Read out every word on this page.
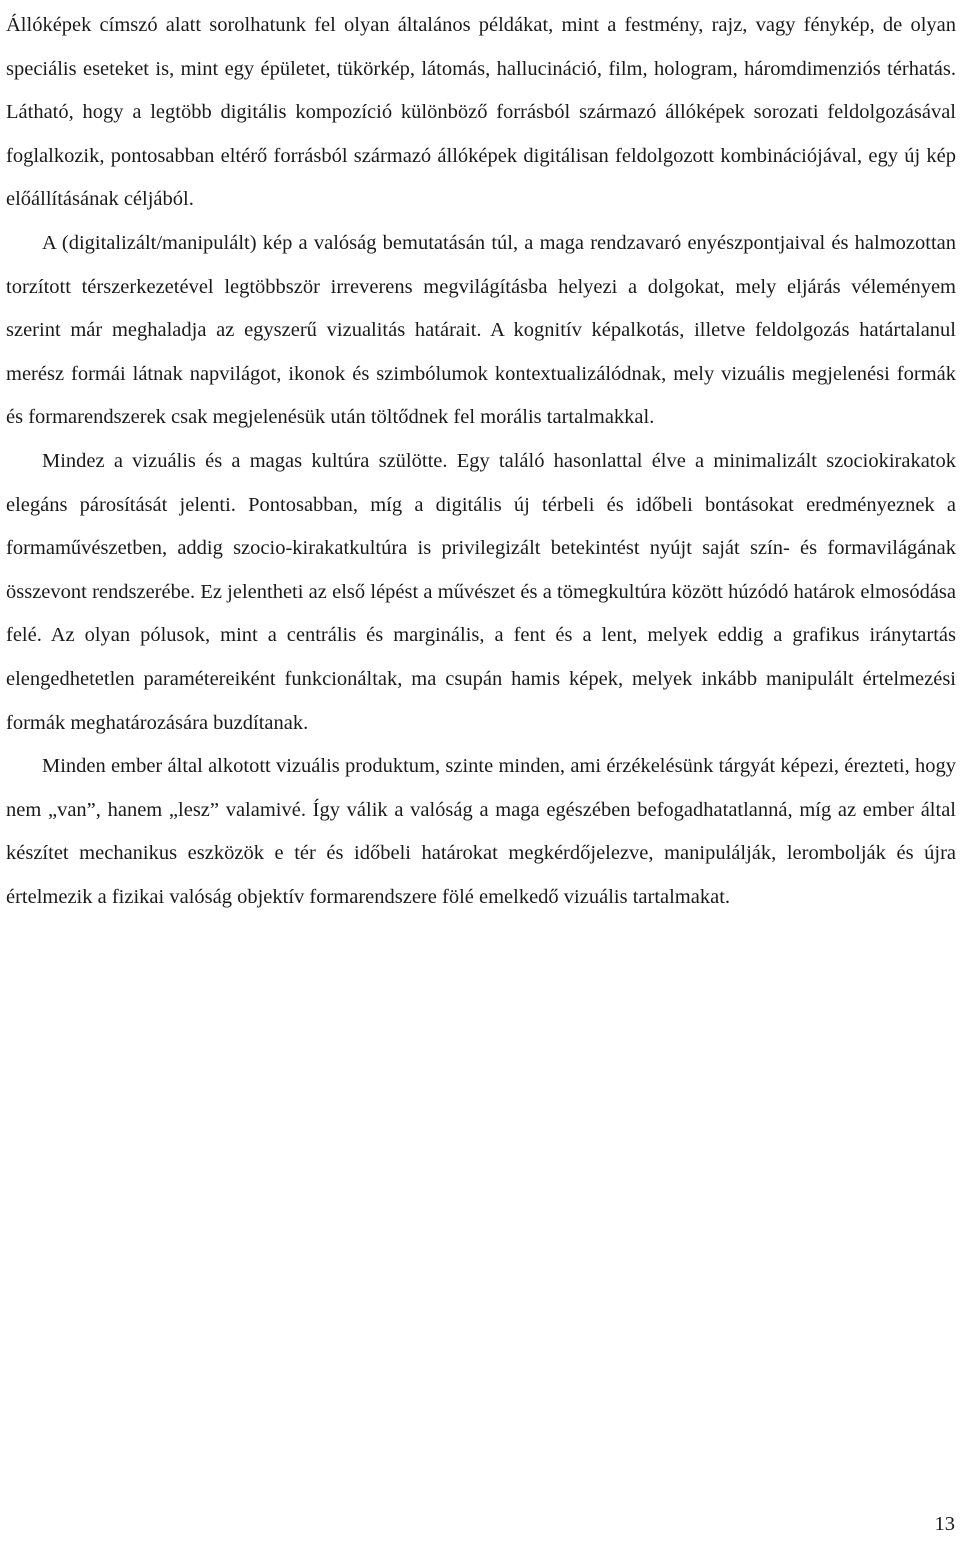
Állóképek címszó alatt sorolhatunk fel olyan általános példákat, mint a festmény, rajz, vagy fénykép, de olyan speciális eseteket is, mint egy épületet, tükörkép, látomás, hallucináció, film, hologram, háromdimenziós térhatás. Látható, hogy a legtöbb digitális kompozíció különböző forrásból származó állóképek sorozati feldolgozásával foglalkozik, pontosabban eltérő forrásból származó állóképek digitálisan feldolgozott kombinációjával, egy új kép előállításának céljából.

A (digitalizált/manipulált) kép a valóság bemutatásán túl, a maga rendzavaró enyészpontjaival és halmozottan torzított térszerkezetével legtöbbször irreverens megvilágításba helyezi a dolgokat, mely eljárás véleményem szerint már meghaladja az egyszerű vizualitás határait. A kognitív képalkotás, illetve feldolgozás határtalanul merész formái látnak napvilágot, ikonok és szimbólumok kontextualizálódnak, mely vizuális megjelenési formák és formarendszerek csak megjelenésük után töltődnek fel morális tartalmakkal.

Mindez a vizuális és a magas kultúra szülötte. Egy találó hasonlattal élve a minimalizált szociokirakatok elegáns párosítását jelenti. Pontosabban, míg a digitális új térbeli és időbeli bontásokat eredményeznek a formaművészetben, addig szocio-kirakatkultúra is privilegizált betekintést nyújt saját szín- és formavilágának összevont rendszerébe. Ez jelentheti az első lépést a művészet és a tömegkultúra között húzódó határok elmosódása felé. Az olyan pólusok, mint a centrális és marginális, a fent és a lent, melyek eddig a grafikus iránytartás elengedhetetlen paramétereiként funkcionáltak, ma csupán hamis képek, melyek inkább manipulált értelmezési formák meghatározására buzdítanak.

Minden ember által alkotott vizuális produktum, szinte minden, ami érzékelésünk tárgyát képezi, érezteti, hogy nem „van”, hanem „lesz” valamivé. Így válik a valóság a maga egészében befogadhatatlanná, míg az ember által készítet mechanikus eszközök e tér és időbeli határokat megkérdőjelezve, manipulálják, lerombolják és újra értelmezik a fizikai valóság objektív formarendszere fölé emelkedő vizuális tartalmakat.

13
